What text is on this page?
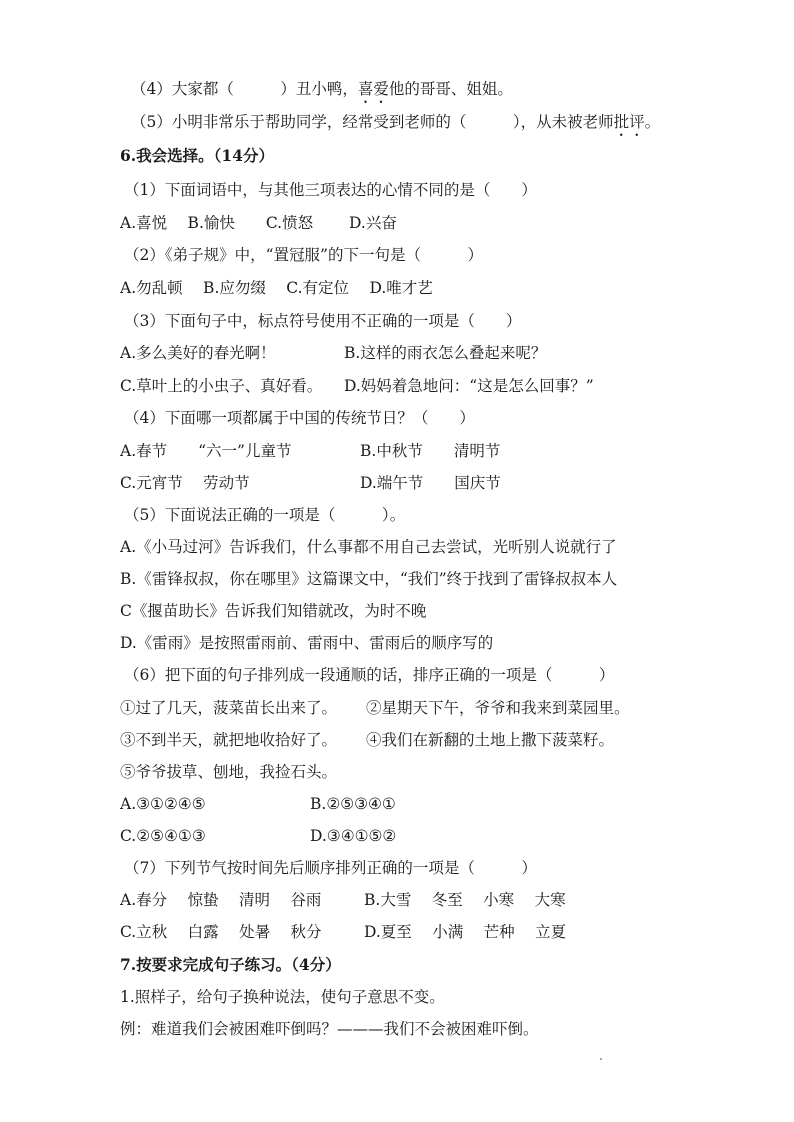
（4）大家都（　　　）丑小鸭，喜爱他的哥哥、姐姐。
（5）小明非常乐于帮助同学，经常受到老师的（　　　），从未被老师批评。
6.我会选择。（14分）
（1）下面词语中，与其他三项表达的心情不同的是（　　）
A.喜悦　 B.愉快　　C.愤怒　　 D.兴奋
（2）《弟子规》中，“置冠服”的下一句是（　　　）
A.勿乱顿　 B.应勿缀　 C.有定位　 D.唯才艺
（3）下面句子中，标点符号使用不正确的一项是（　　）
A.多么美好的春光啊！	B.这样的雨衣怎么叠起来呢？
C.草叶上的小虫子、真好看。 D.妈妈着急地问：“这是怎么回事？”
（4）下面哪一项都属于中国的传统节日？（　　）
A.春节　　“六一”儿童节	B.中秋节　　清明节
C.元宵节　 劳动节	D.端午节　　国庆节
（5）下面说法正确的一项是（　　　）。
A.《小马过河》告诉我们，什么事都不用自己去尝试，光听别人说就行了
B.《雷锋叔叔，你在哪里》这篇课文中，“我们”终于找到了雷锋叔叔本人
C《揠苗助长》告诉我们知错就改，为时不晚
D.《雷雨》是按照雷雨前、雷雨中、雷雨后的顺序写的
（6）把下面的句子排列成一段通顺的话，排序正确的一项是（　　　）
①过了几天，菠菜苗长出来了。 ②星期天下午，爷爷和我来到菜园里。
③不到半天，就把地收拾好了。 ④我们在新翻的土地上撒下菠菜籽。
⑤爷爷拔草、刨地，我捡石头。
A.③①②④⑤	B.②⑤③④①
C.②⑤④①③	D.③④①⑤②
（7）下列节气按时间先后顺序排列正确的一项是（　　　）
A.春分　 惊蛰　 清明　 谷雨	B.大雪　 冬至　 小寒　 大寒
C.立秋　 白露　 处暑　 秋分	D.夏至　 小满　 芒种　 立夏
7.按要求完成句子练习。（4分）
1.照样子，给句子换种说法，使句子意思不变。
例：难道我们会被困难吓倒吗？———我们不会被困难吓倒。
